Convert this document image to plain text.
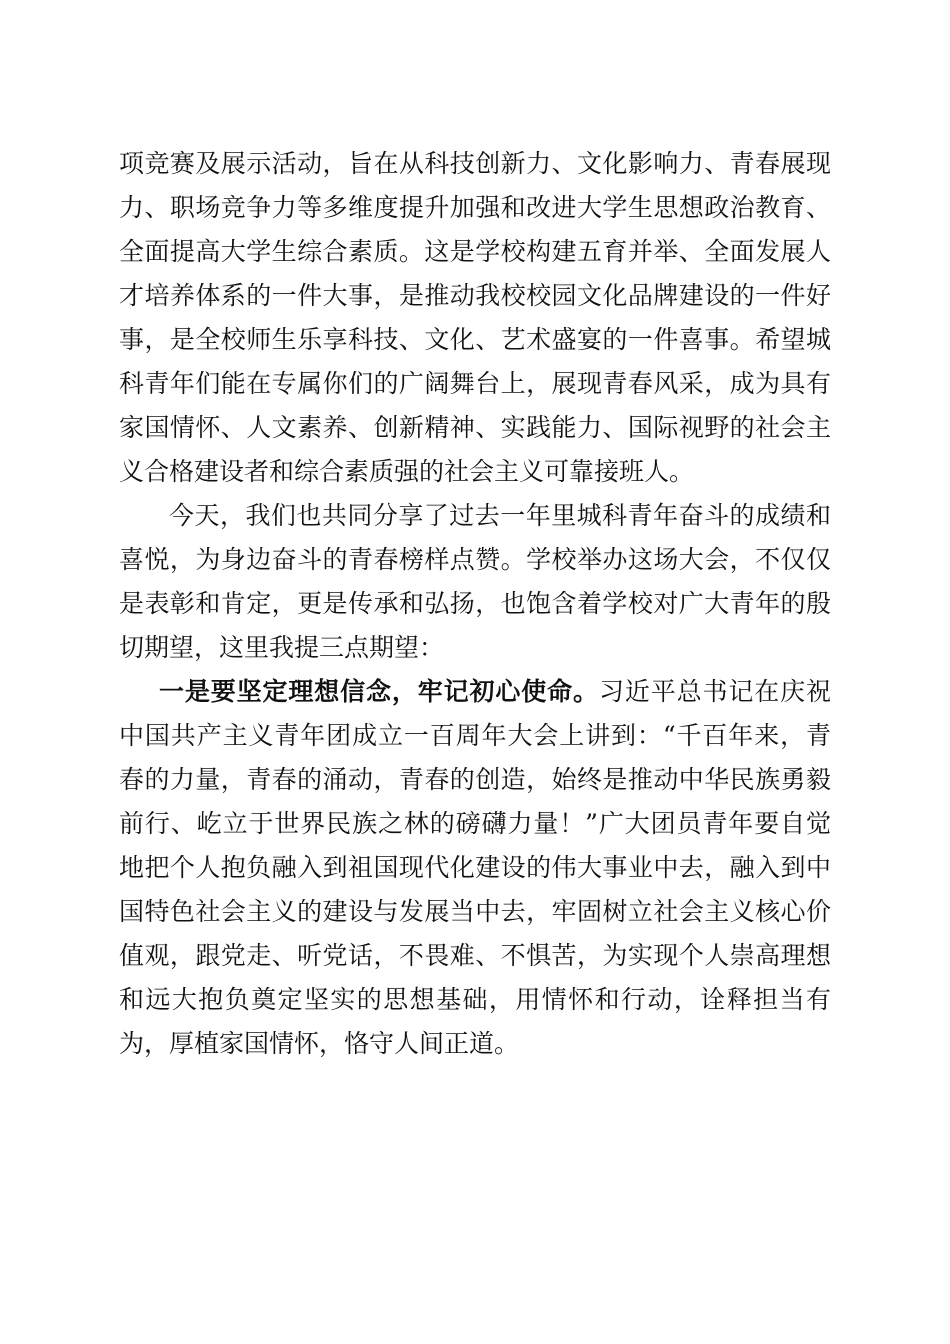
项竞赛及展示活动，旨在从科技创新力、文化影响力、青春展现力、职场竞争力等多维度提升加强和改进大学生思想政治教育、全面提高大学生综合素质。这是学校构建五育并举、全面发展人才培养体系的一件大事，是推动我校校园文化品牌建设的一件好事，是全校师生乐享科技、文化、艺术盛宴的一件喜事。希望城科青年们能在专属你们的广阔舞台上，展现青春风采，成为具有家国情怀、人文素养、创新精神、实践能力、国际视野的社会主义合格建设者和综合素质强的社会主义可靠接班人。

今天，我们也共同分享了过去一年里城科青年奋斗的成绩和喜悦，为身边奋斗的青春榜样点赞。学校举办这场大会，不仅仅是表彰和肯定，更是传承和弘扬，也饱含着学校对广大青年的殷切期望，这里我提三点期望：

一是要坚定理想信念，牢记初心使命。习近平总书记在庆祝中国共产主义青年团成立一百周年大会上讲到：“千百年来，青春的力量，青春的涌动，青春的创造，始终是推动中华民族勇毅前行、屹立于世界民族之林的磅礴力量！”广大团员青年要自觉地把个人抱负融入到祖国现代化建设的伟大事业中去，融入到中国特色社会主义的建设与发展当中去，牢固树立社会主义核心价值观，跟党走、听党话，不畏难、不惧苦，为实现个人崇高理想和远大抱负奠定坚实的思想基础，用情怀和行动，诠释担当有为，厚植家国情怀，恪守人间正道。
